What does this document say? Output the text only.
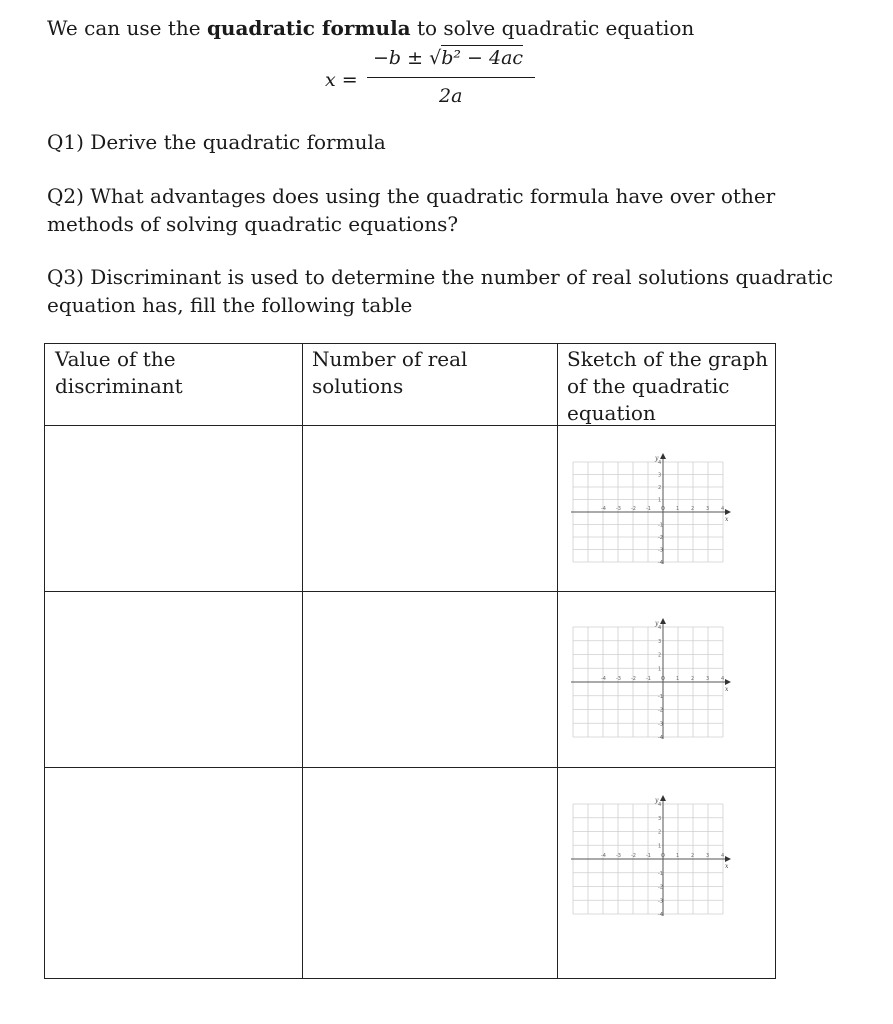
We can use the quadratic formula to solve quadratic equation
x =
−b ± √b² − 4ac
2a
Q1) Derive the quadratic formula
Q2) What advantages does using the quadratic formula have over other methods of solving quadratic equations?
Q3) Discriminant is used to determine the number of real solutions quadratic equation has, fill the following table
Value of the discriminant
Number of real solutions
Sketch of the graph of the quadratic equation
-4 -3 -2 -1 O 1 2 3 4
4
3
2
1
-1
-2
-3
-4
x
y
-4 -3 -2 -1 O 1 2 3 4
4
3
2
1
-1
-2
-3
-4
x
y
-4 -3 -2 -1 O 1 2 3 4
4
3
2
1
-1
-2
-3
-4
x
y
